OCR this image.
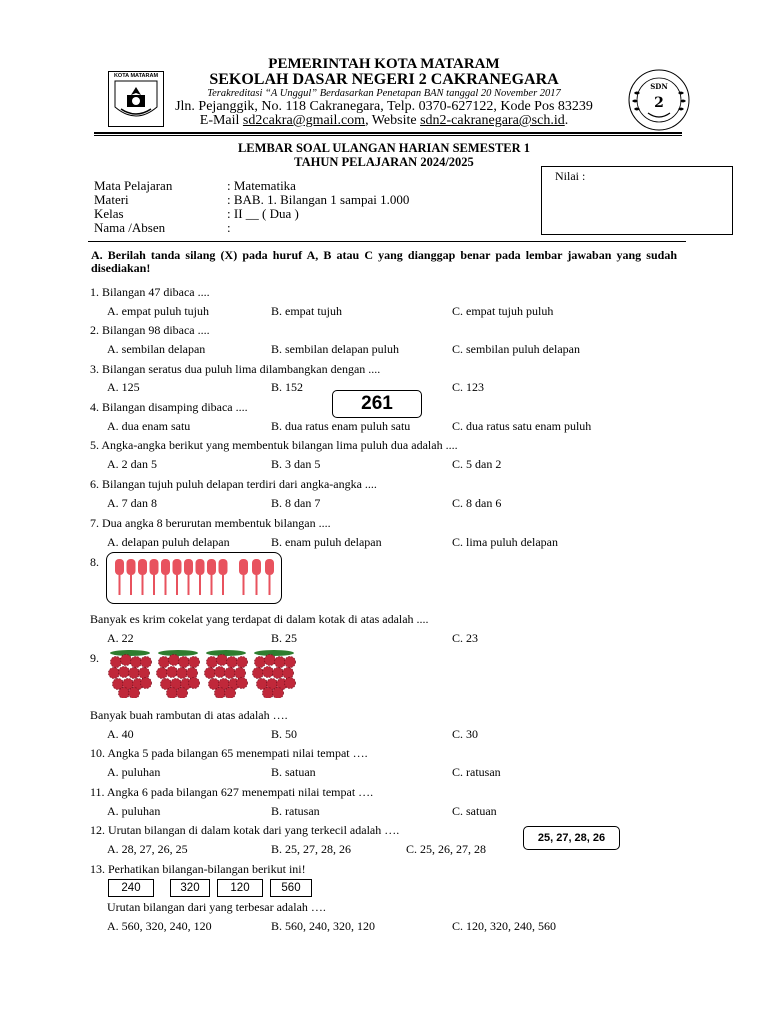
KOTA MATARAM
SDN
2
PEMERINTAH KOTA MATARAM
SEKOLAH DASAR NEGERI 2 CAKRANEGARA
Terakreditasi “A Unggul” Berdasarkan Penetapan BAN tanggal 20 November 2017
Jln. Pejanggik, No. 118 Cakranegara, Telp. 0370-627122, Kode Pos 83239
E-Mail sd2cakra@gmail.com, Website sdn2-cakranegara@sch.id.
LEMBAR SOAL ULANGAN HARIAN SEMESTER 1
TAHUN PELAJARAN 2024/2025
Mata Pelajaran	: Matematika
Materi	: BAB. 1. Bilangan 1 sampai 1.000
Kelas	: II __ ( Dua )
Nama /Absen	:
Nilai :
A. Berilah tanda silang (X) pada huruf A, B atau C yang dianggap benar pada lembar jawaban yang sudah disediakan!
1. Bilangan 47 dibaca ....
A. empat puluh tujuh	B. empat tujuh	C. empat tujuh puluh
2. Bilangan 98 dibaca ....
A. sembilan delapan	B. sembilan delapan puluh	C. sembilan puluh delapan
3. Bilangan seratus dua puluh lima dilambangkan dengan ....
A. 125	B. 152	C. 123
4. Bilangan disamping dibaca ....	261
A. dua enam satu	B. dua ratus enam puluh satu	C. dua ratus satu enam puluh
5. Angka-angka berikut yang membentuk bilangan lima puluh dua adalah ....
A. 2 dan 5	B. 3 dan 5	C. 5 dan 2
6. Bilangan tujuh puluh delapan terdiri dari angka-angka ....
A. 7 dan 8	B. 8 dan 7	C. 8 dan 6
7. Dua angka 8 berurutan membentuk bilangan ....
A. delapan puluh delapan	B. enam puluh delapan	C. lima puluh delapan
8.
Banyak es krim cokelat yang terdapat di dalam kotak di atas adalah ....
A. 22	B. 25	C. 23
9.
Banyak buah rambutan di atas adalah ….
A. 40	B. 50	C. 30
10. Angka 5 pada bilangan 65 menempati nilai tempat ….
A. puluhan	B. satuan	C. ratusan
11. Angka 6 pada bilangan 627 menempati nilai tempat ….
A. puluhan	B. ratusan	C. satuan
12. Urutan bilangan di dalam kotak dari yang terkecil adalah ….
25, 27, 28, 26
A. 28, 27, 26, 25	B. 25, 27, 28, 26	C. 25, 26, 27, 28
13. Perhatikan bilangan-bilangan berikut ini!
240	320	120	560
Urutan bilangan dari yang terbesar adalah ….
A. 560, 320, 240, 120	B. 560, 240, 320, 120	C. 120, 320, 240, 560
